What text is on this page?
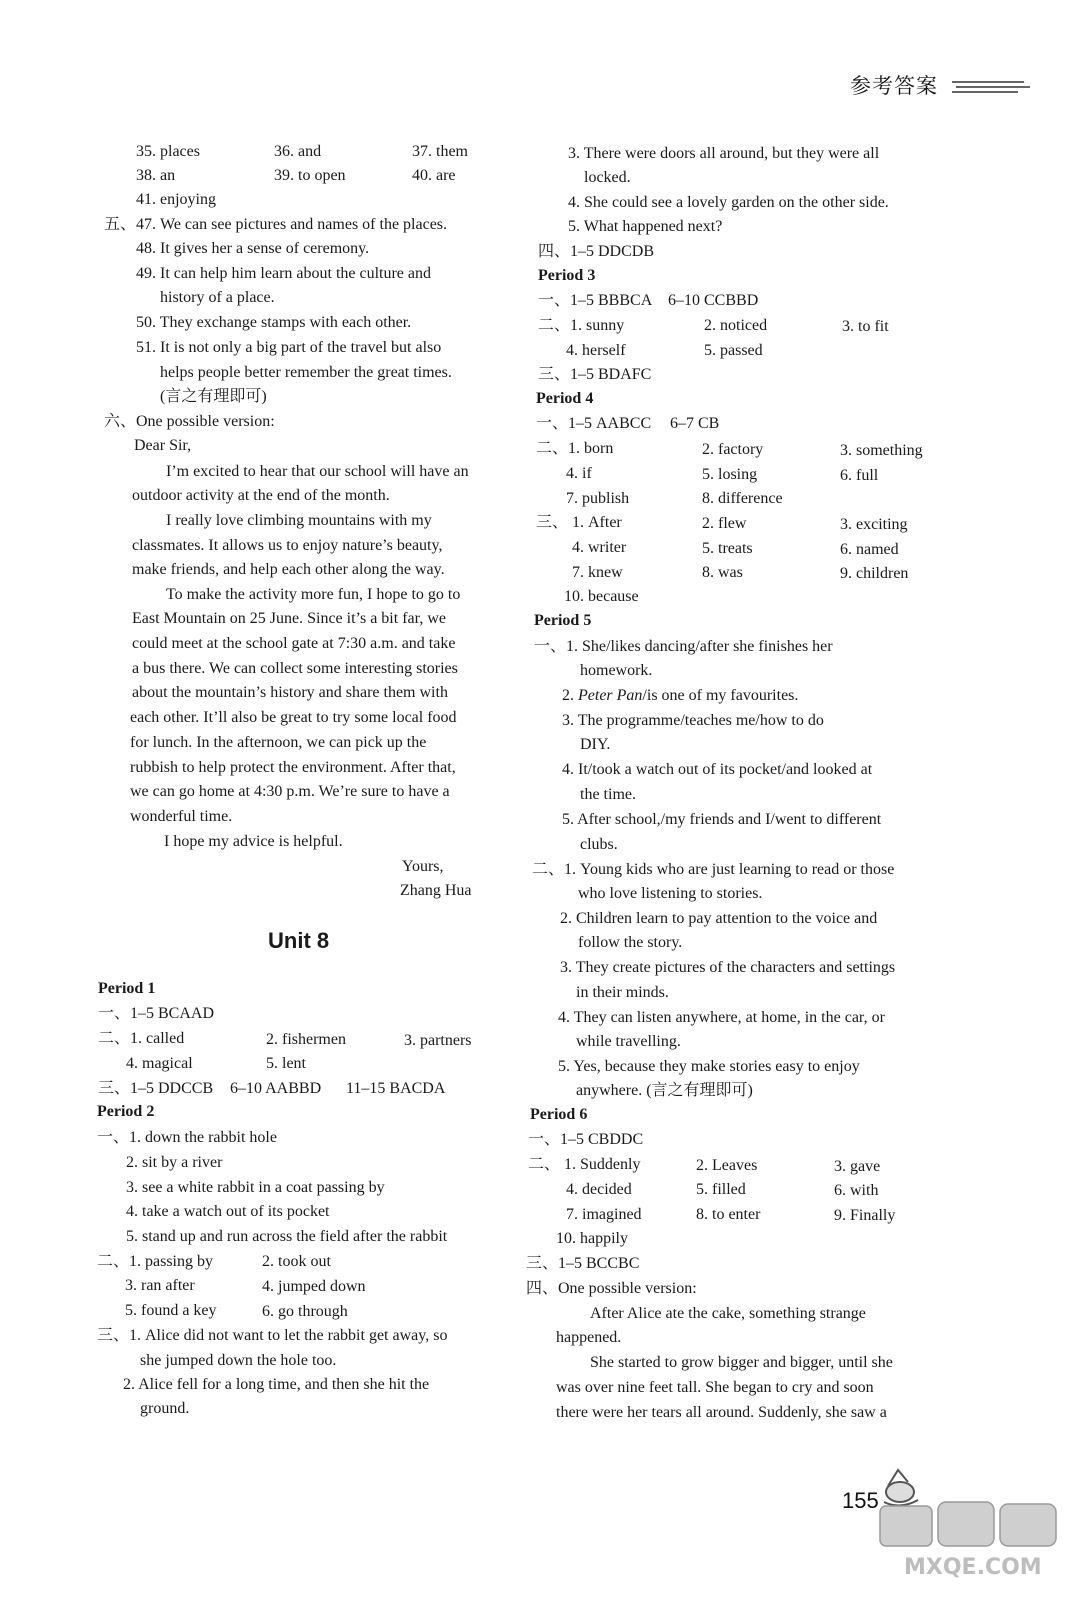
参考答案
35. places	36. and	37. them
38. an	39. to open	40. are
41. enjoying
五、47. We can see pictures and names of the places.
48. It gives her a sense of ceremony.
49. It can help him learn about the culture and
history of a place.
50. They exchange stamps with each other.
51. It is not only a big part of the travel but also
helps people better remember the great times.
(言之有理即可)
六、One possible version:
Dear Sir,
I’m excited to hear that our school will have an
outdoor activity at the end of the month.
I really love climbing mountains with my
classmates. It allows us to enjoy nature’s beauty,
make friends, and help each other along the way.
To make the activity more fun, I hope to go to
East Mountain on 25 June. Since it’s a bit far, we
could meet at the school gate at 7:30 a.m. and take
a bus there. We can collect some interesting stories
about the mountain’s history and share them with
each other. It’ll also be great to try some local food
for lunch. In the afternoon, we can pick up the
rubbish to help protect the environment. After that,
we can go home at 4:30 p.m. We’re sure to have a
wonderful time.
I hope my advice is helpful.
Yours,
Zhang Hua
Unit 8
Period 1
一、1–5 BCAAD
二、1. called	2. fishermen	3. partners
4. magical	5. lent
三、1–5 DDCCB 6–10 AABBD 11–15 BACDA
Period 2
一、1. down the rabbit hole
2. sit by a river
3. see a white rabbit in a coat passing by
4. take a watch out of its pocket
5. stand up and run across the field after the rabbit
二、1. passing by	2. took out
3. ran after	4. jumped down
5. found a key	6. go through
三、1. Alice did not want to let the rabbit get away, so
she jumped down the hole too.
2. Alice fell for a long time, and then she hit the
ground.
3. There were doors all around, but they were all
locked.
4. She could see a lovely garden on the other side.
5. What happened next?
四、1–5 DDCDB
Period 3
一、1–5 BBBCA 6–10 CCBBD
二、1. sunny	2. noticed	3. to fit
4. herself	5. passed
三、1–5 BDAFC
Period 4
一、1–5 AABCC 6–7 CB
二、1. born	2. factory	3. something
4. if	5. losing	6. full
7. publish	8. difference
三、 1. After	2. flew	3. exciting
4. writer	5. treats	6. named
7. knew	8. was	9. children
10. because
Period 5
一、1. She/likes dancing/after she finishes her
homework.
2. Peter Pan/is one of my favourites.
3. The programme/teaches me/how to do
DIY.
4. It/took a watch out of its pocket/and looked at
the time.
5. After school,/my friends and I/went to different
clubs.
二、1. Young kids who are just learning to read or those
who love listening to stories.
2. Children learn to pay attention to the voice and
follow the story.
3. They create pictures of the characters and settings
in their minds.
4. They can listen anywhere, at home, in the car, or
while travelling.
5. Yes, because they make stories easy to enjoy
anywhere. (言之有理即可)
Period 6
一、1–5 CBDDC
二、 1. Suddenly	2. Leaves	3. gave
4. decided	5. filled	6. with
7. imagined	8. to enter	9. Finally
10. happily
三、1–5 BCCBC
四、One possible version:
After Alice ate the cake, something strange
happened.
She started to grow bigger and bigger, until she
was over nine feet tall. She began to cry and soon
there were her tears all around. Suddenly, she saw a
155
MXQE.COM
